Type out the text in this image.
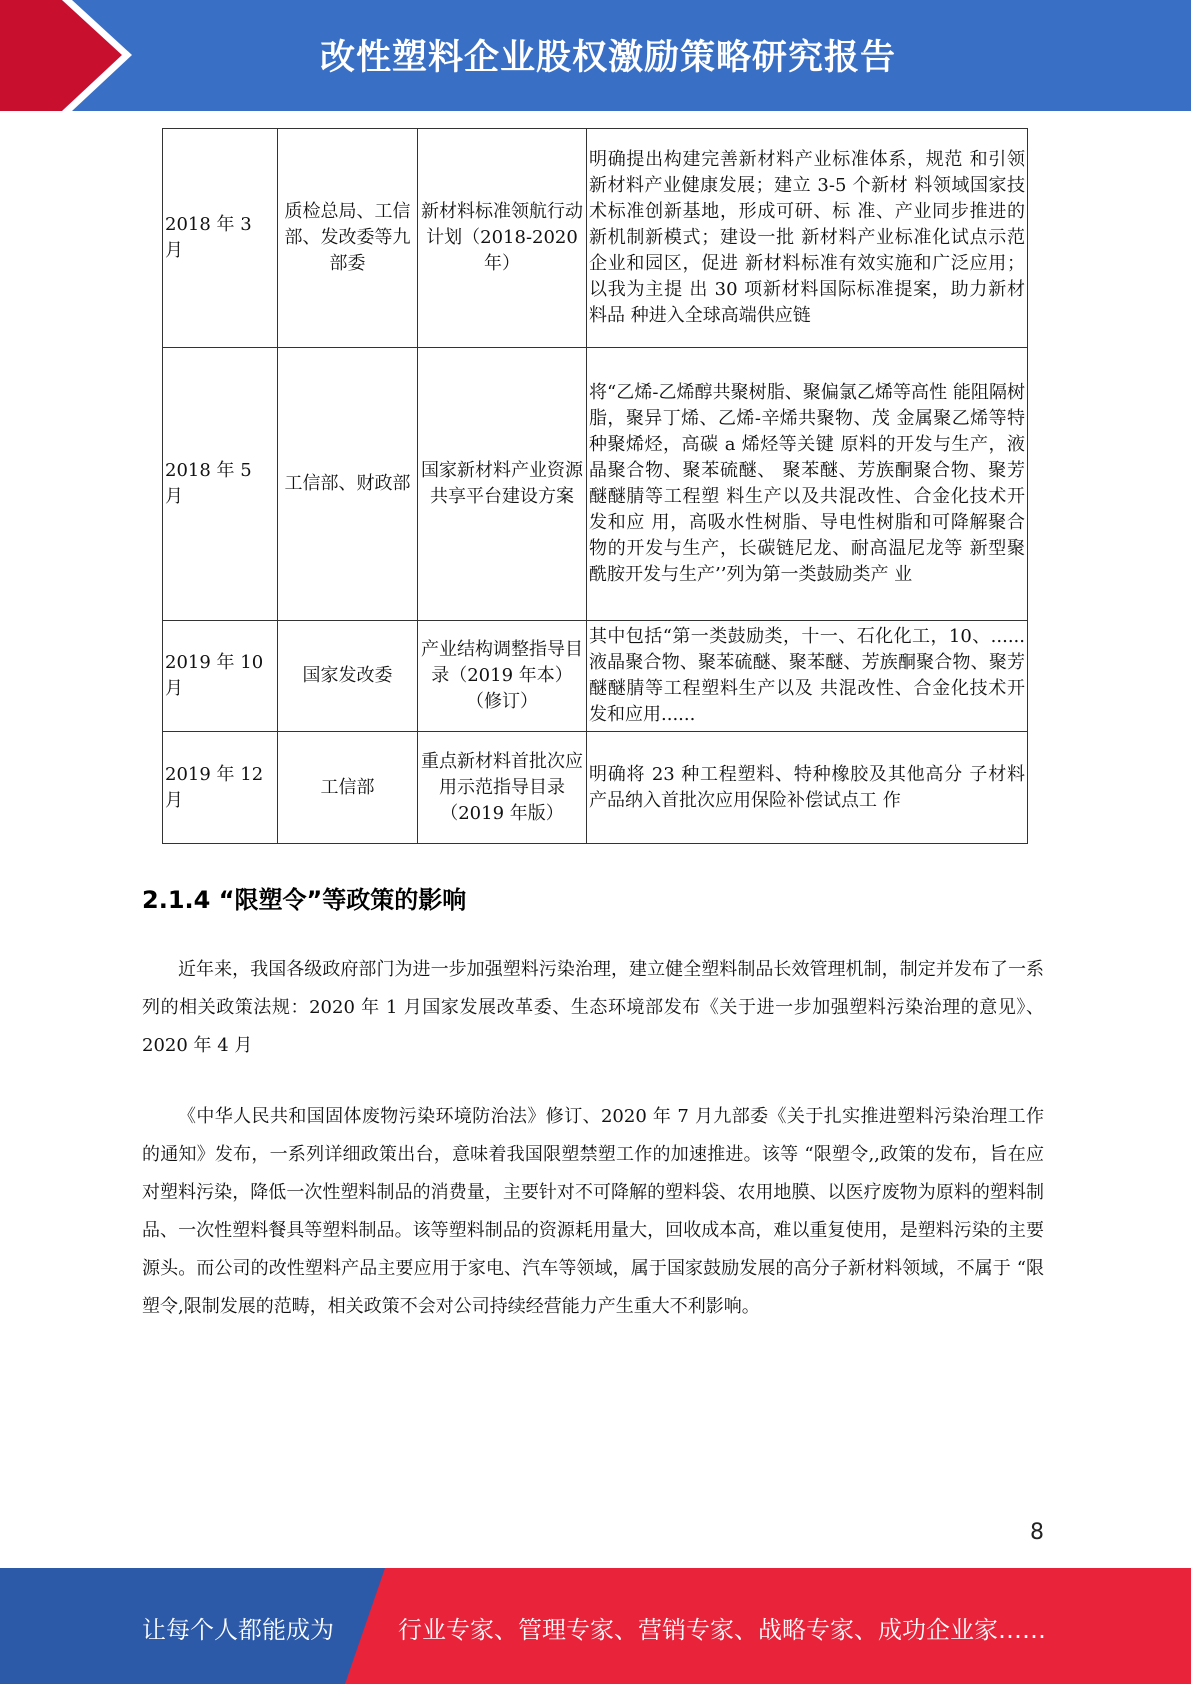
改性塑料企业股权激励策略研究报告
2018 年 3 月	质检总局、工信部、发改委等九部委	新材料标准领航行动计划（2018-2020 年）	明确提出构建完善新材料产业标准体系，规范 和引领新材料产业健康发展；建立 3-5 个新材 料领域国家技术标准创新基地，形成可研、标 准、产业同步推进的新机制新模式；建设一批 新材料产业标准化试点示范企业和园区，促进 新材料标准有效实施和广泛应用；以我为主提 出 30 项新材料国际标准提案，助力新材料品 种进入全球高端供应链
2018 年 5 月	工信部、财政部	国家新材料产业资源共享平台建设方案	将“乙烯-乙烯醇共聚树脂、聚偏氯乙烯等高性 能阻隔树脂，聚异丁烯、乙烯-辛烯共聚物、茂 金属聚乙烯等特种聚烯烃，高碳 a 烯烃等关键 原料的开发与生产，液晶聚合物、聚苯硫醚、 聚苯醚、芳族酮聚合物、聚芳醚醚腈等工程塑 料生产以及共混改性、合金化技术开发和应 用，高吸水性树脂、导电性树脂和可降解聚合 物的开发与生产，长碳链尼龙、耐高温尼龙等 新型聚酰胺开发与生产’’列为第一类鼓励类产 业
2019 年 10 月	国家发改委	产业结构调整指导目录（2019 年本）（修订）	其中包括“第一类鼓励类，十一、石化化工，10、......液晶聚合物、聚苯硫醚、聚苯醚、芳族酮聚合物、聚芳醚醚腈等工程塑料生产以及 共混改性、合金化技术开发和应用......
2019 年 12 月	工信部	重点新材料首批次应用示范指导目录（2019 年版）	明确将 23 种工程塑料、特种橡胶及其他高分 子材料产品纳入首批次应用保险补偿试点工 作
2.1.4 “限塑令”等政策的影响

近年来，我国各级政府部门为进一步加强塑料污染治理，建立健全塑料制品长效管理机制，制定并发布了一系列的相关政策法规：2020 年 1 月国家发展改革委、生态环境部发布《关于进一步加强塑料污染治理的意见》、2020 年 4 月

《中华人民共和国固体废物污染环境防治法》修订、2020 年 7 月九部委《关于扎实推进塑料污染治理工作的通知》发布，一系列详细政策出台，意味着我国限塑禁塑工作的加速推进。该等 “限塑令,,政策的发布，旨在应对塑料污染，降低一次性塑料制品的消费量，主要针对不可降解的塑料袋、农用地膜、以医疗废物为原料的塑料制品、一次性塑料餐具等塑料制品。该等塑料制品的资源耗用量大，回收成本高，难以重复使用，是塑料污染的主要源头。而公司的改性塑料产品主要应用于家电、汽车等领域，属于国家鼓励发展的高分子新材料领域，不属于 “限塑令,限制发展的范畴，相关政策不会对公司持续经营能力产生重大不利影响。

8
让每个人都能成为	行业专家、管理专家、营销专家、战略专家、成功企业家……
